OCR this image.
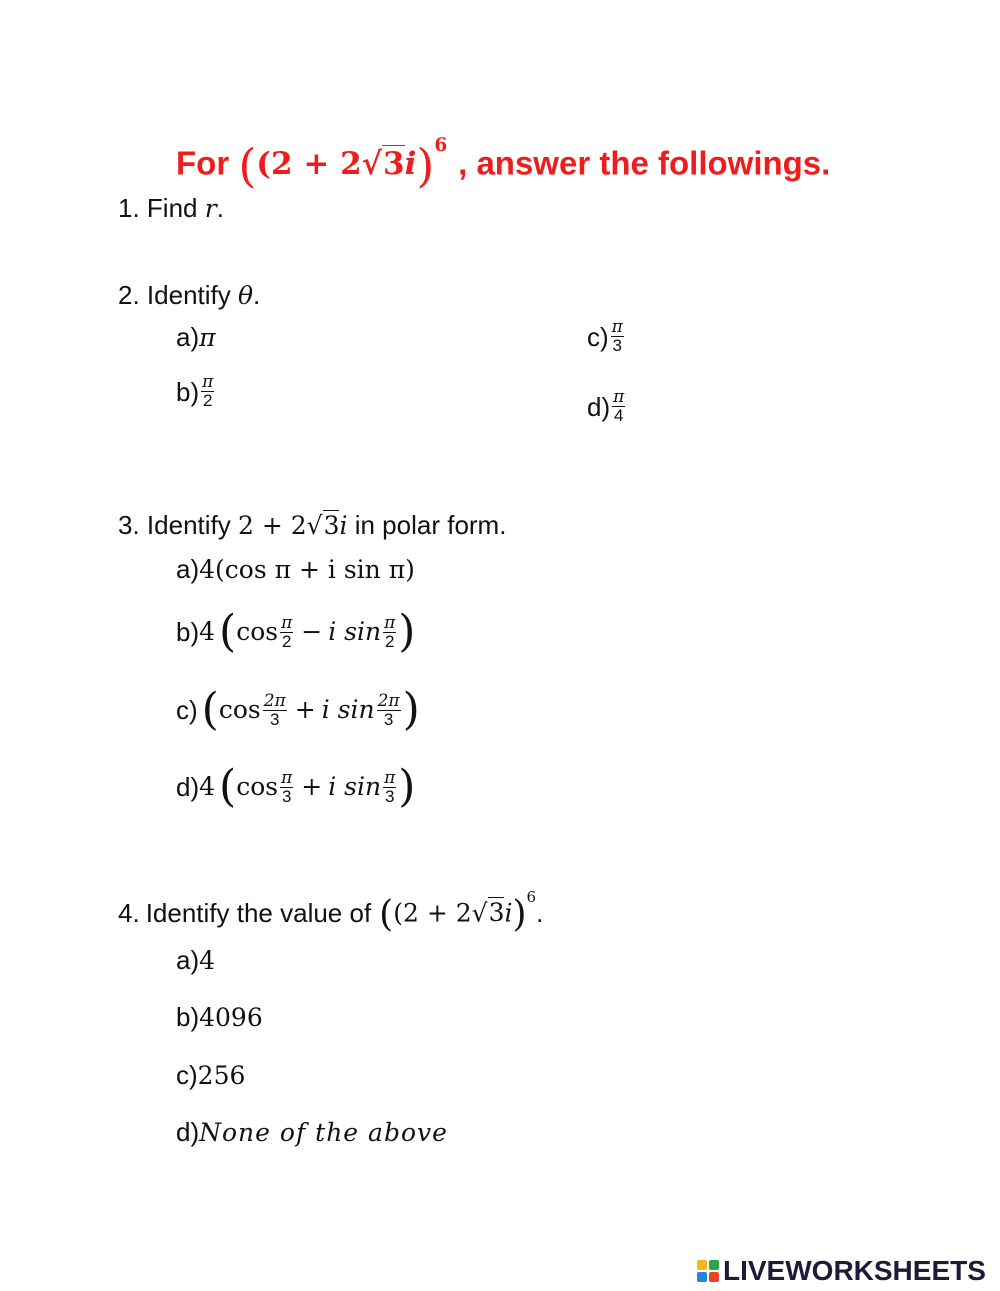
For ($(2 + 2√3i)^6$ , answer the followings.
1. Find r.
2. Identify θ.
a)π
$b) \frac{\pi}{2}$
$c) \frac{\pi}{3}$
$d) \frac{\pi}{4}$
3. Identify 2 + 2√3i in polar form.
a)4(cos π + i sin π)
b) 4 ( $\cos \frac{\pi}{2} - i$ $\sin \frac{\pi}{2}$ )
c) ( $\cos \frac{2\pi}{3} + i$ $\sin \frac{2\pi}{3}$ )
d) 4 ( $\cos \frac{\pi}{3} + i$ $\sin \frac{\pi}{3}$ )
4. Identify the value of ($(2 + 2√3i)^6$
.
a)4
b)4096
c)256
d)None of the above
LIVEWORKSHEETS
